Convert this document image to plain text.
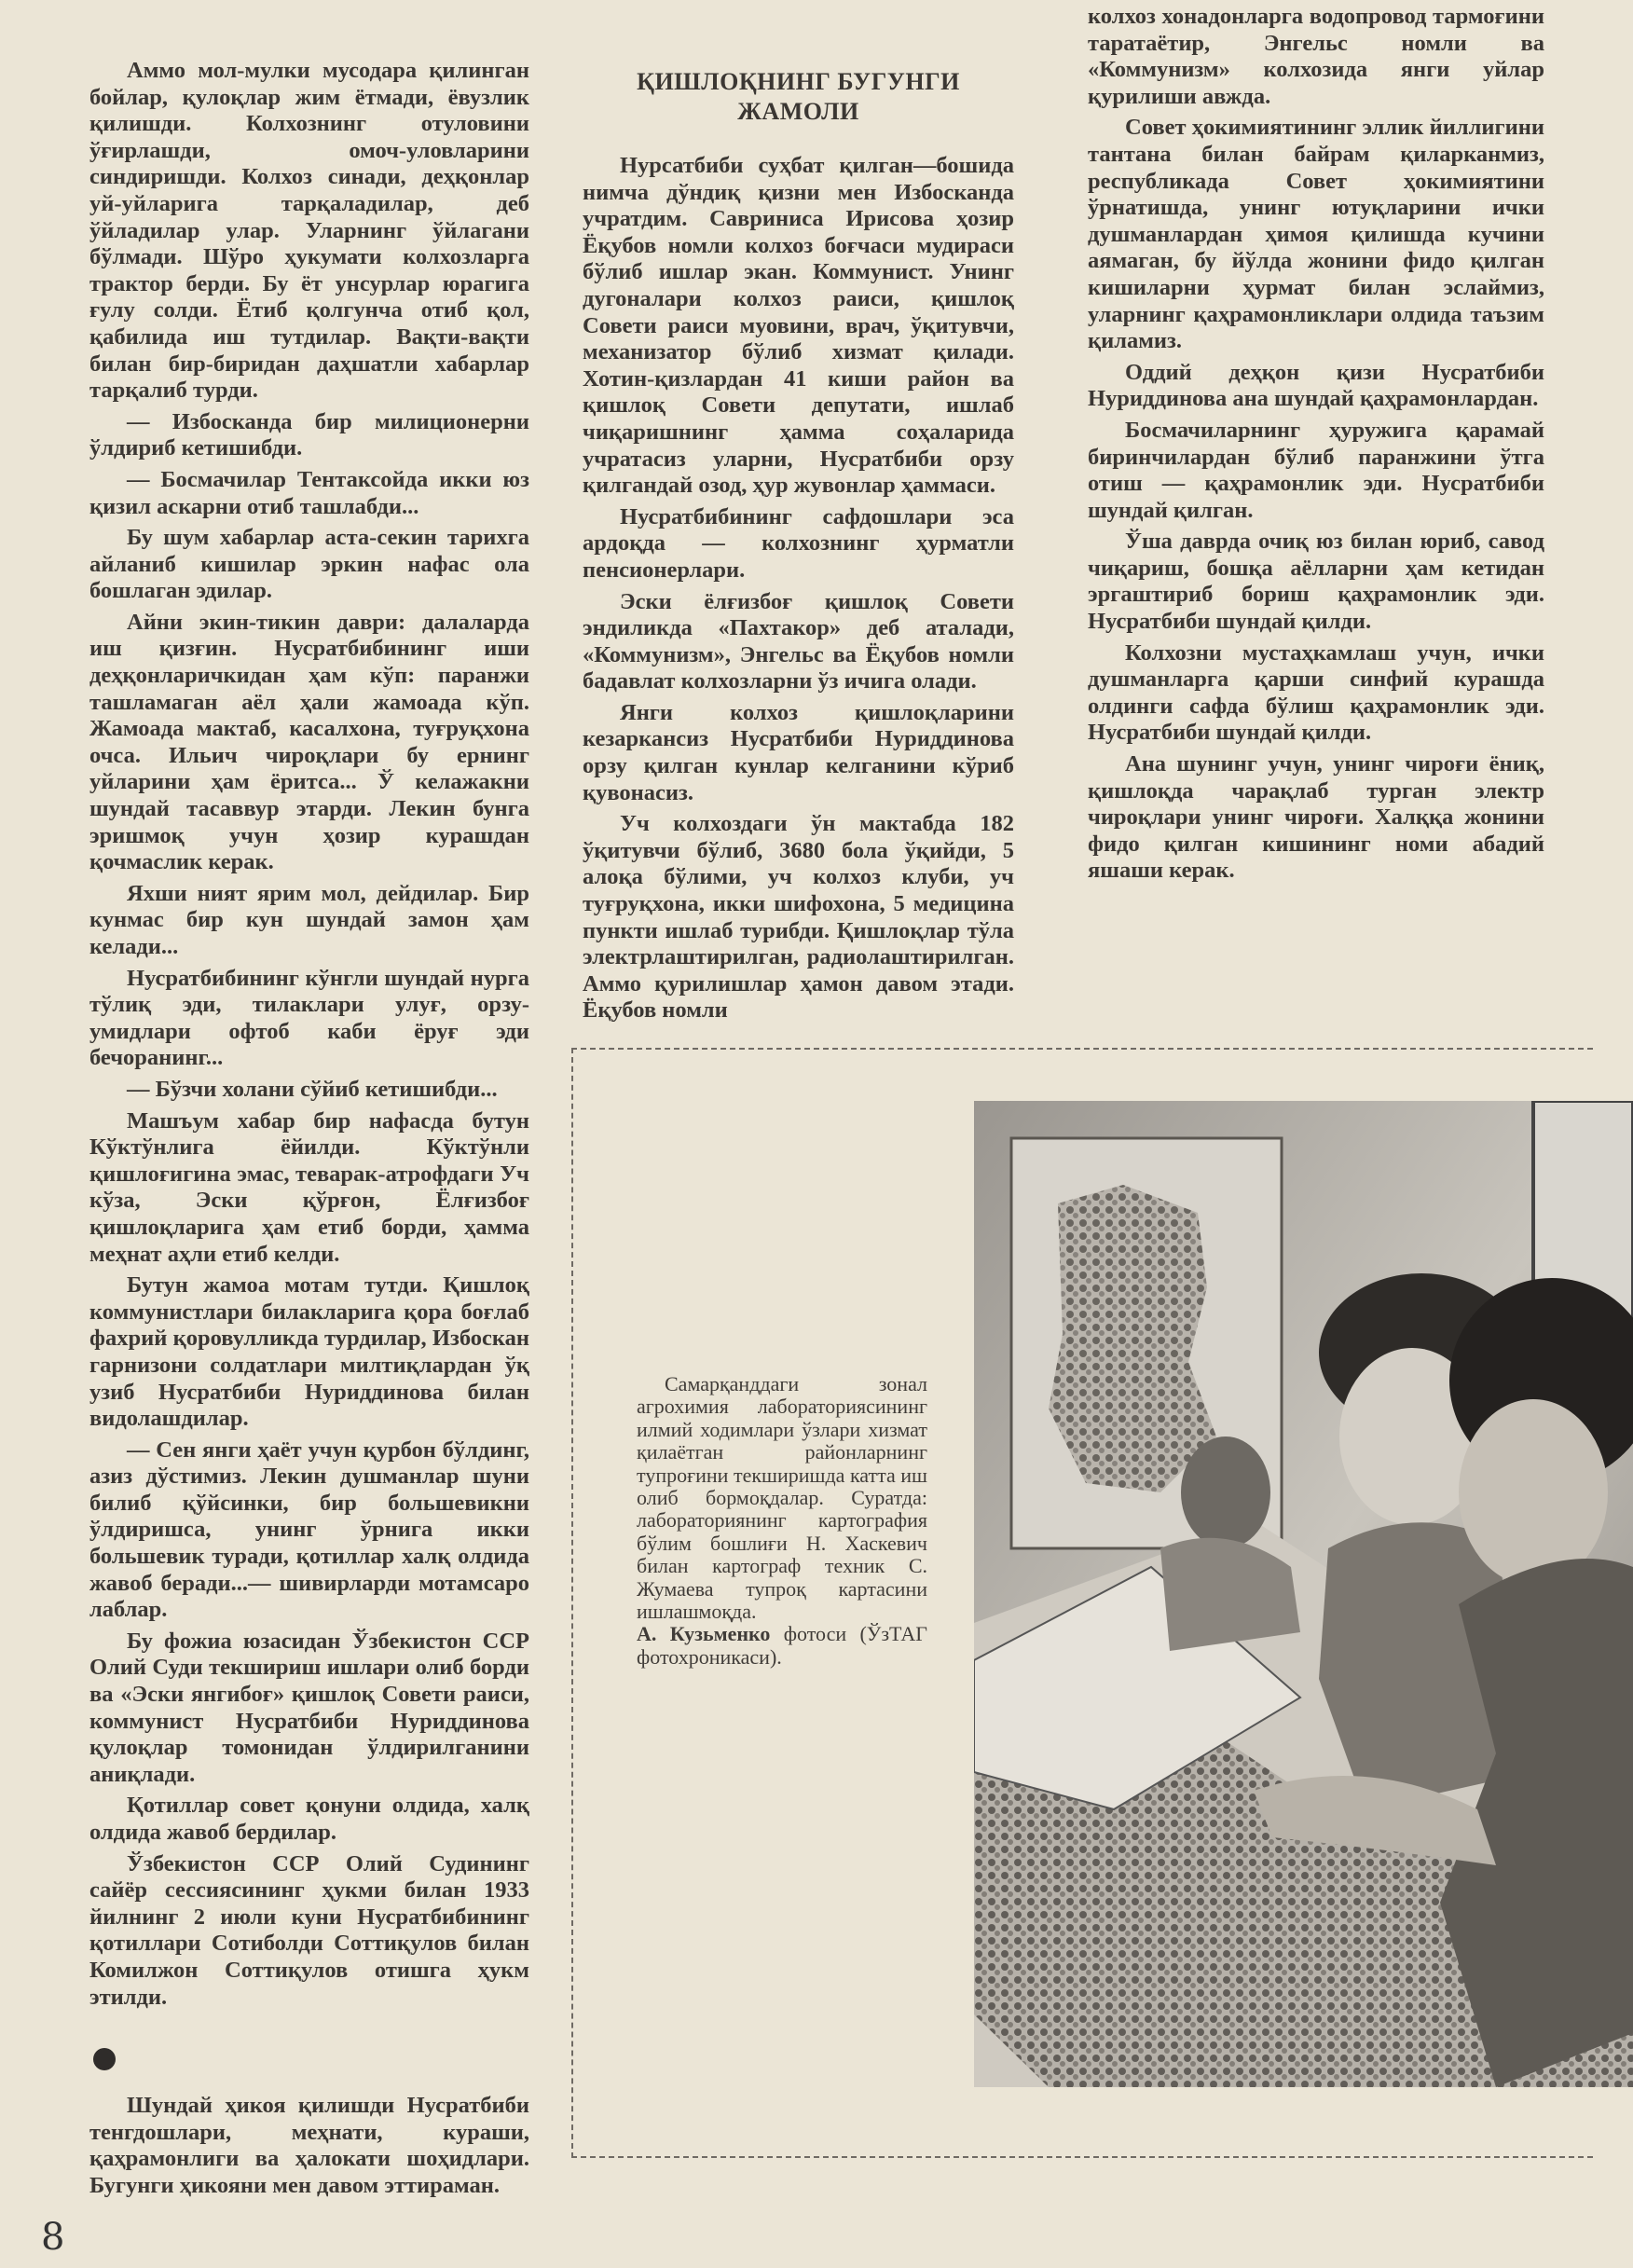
Аммо мол-мулки мусодара қилинган бойлар, қулоқлар жим ётмади, ёвузлик қилишди. Колхознинг отуловини ўғирлашди, омоч-уловларини синдиришди. Колхоз синади, деҳқонлар уй-уйларига тарқаладилар, деб ўйладилар улар. Уларнинг ўйлагани бўлмади. Шўро ҳукумати колхозларга трактор берди. Бу ёт унсурлар юрагига ғулу солди. Ётиб қолгунча отиб қол, қабилида иш тутдилар. Вақти-вақти билан бир-биридан даҳшатли хабарлар тарқалиб турди.

— Избосканда бир милиционерни ўлдириб кетишибди.

— Босмачилар Тентаксойда икки юз қизил аскарни отиб ташлабди...

Бу шум хабарлар аста-секин тарихга айланиб кишилар эркин нафас ола бошлаган эдилар.

Айни экин-тикин даври: далаларда иш қизғин. Нусратбибининг иши деҳқонларичкидан ҳам кўп: паранжи ташламаган аёл ҳали жамоада кўп. Жамоада мактаб, касалхона, туғруқхона очса. Ильич чироқлари бу ернинг уйларини ҳам ёритса... Ў келажакни шундай тасаввур этарди. Лекин бунга эришмоқ учун ҳозир курашдан қочмаслик керак.

Яхши ният ярим мол, дейдилар. Бир кунмас бир кун шундай замон ҳам келади...

Нусратбибининг кўнгли шундай нурга тўлиқ эди, тилаклари улуғ, орзу-умидлари офтоб каби ёруғ эди бечоранинг...

— Бўзчи холани сўйиб кетишибди...

Машъум хабар бир нафасда бутун Кўктўнлига ёйилди. Кўктўнли қишлоғигина эмас, теварак-атрофдаги Уч кўза, Эски қўрғон, Ёлғизбоғ қишлоқларига ҳам етиб борди, ҳамма меҳнат аҳли етиб келди.

Бутун жамоа мотам тутди. Қишлоқ коммунистлари билакларига қора боғлаб фахрий қоровулликда турдилар, Избоскан гарнизони солдатлари милтиқлардан ўқ узиб Нусратбиби Нуриддинова билан видолашдилар.

— Сен янги ҳаёт учун қурбон бўлдинг, азиз дўстимиз. Лекин душманлар шуни билиб қўйсинки, бир большевикни ўлдиришса, унинг ўрнига икки большевик туради, қотиллар халқ олдида жавоб беради...— шивирларди мотамсаро лаблар.

Бу фожиа юзасидан Ўзбекистон ССР Олий Суди текшириш ишлари олиб борди ва «Эски янгибоғ» қишлоқ Совети раиси, коммунист Нусратбиби Нуриддинова қулоқлар томонидан ўлдирилганини аниқлади.

Қотиллар совет қонуни олдида, халқ олдида жавоб бердилар.

Ўзбекистон ССР Олий Судининг сайёр сессиясининг ҳукми билан 1933 йилнинг 2 июли куни Нусратбибининг қотиллари Сотиболди Соттиқулов билан Комилжон Соттиқулов отишга ҳукм этилди.

Шундай ҳикоя қилишди Нусратбиби тенгдошлари, меҳнати, кураши, қаҳрамонлиги ва ҳалокати шоҳидлари. Бугунги ҳикояни мен давом эттираман.

ҚИШЛОҚНИНГ БУГУНГИ
ЖАМОЛИ

Нурсатбиби суҳбат қилган—бошида нимча дўндиқ қизни мен Избосканда учратдим. Савриниса Ирисова ҳозир Ёқубов номли колхоз боғчаси мудираси бўлиб ишлар экан. Коммунист. Унинг дугоналари колхоз раиси, қишлоқ Совети раиси муовини, врач, ўқитувчи, механизатор бўлиб хизмат қилади. Хотин-қизлардан 41 киши район ва қишлоқ Совети депутати, ишлаб чиқаришнинг ҳамма соҳаларида учратасиз уларни, Нусратбиби орзу қилгандай озод, ҳур жувонлар ҳаммаси.

Нусратбибининг сафдошлари эса ардоқда — колхознинг ҳурматли пенсионерлари.

Эски ёлғизбоғ қишлоқ Совети эндиликда «Пахтакор» деб аталади, «Коммунизм», Энгельс ва Ёқубов номли бадавлат колхозларни ўз ичига олади.

Янги колхоз қишлоқларини кезаркансиз Нусратбиби Нуриддинова орзу қилган кунлар келганини кўриб қувонасиз.

Уч колхоздаги ўн мактабда 182 ўқитувчи бўлиб, 3680 бола ўқийди, 5 алоқа бўлими, уч колхоз клуби, уч туғруқхона, икки шифохона, 5 медицина пункти ишлаб турибди. Қишлоқлар тўла электрлаштирилган, радиолаштирилган. Аммо қурилишлар ҳамон давом этади. Ёқубов номли

колхоз хонадонларга водопровод тармоғини таратаётир, Энгельс номли ва «Коммунизм» колхозида янги уйлар қурилиши авжда.

Совет ҳокимиятининг эллик йиллигини тантана билан байрам қиларканмиз, республикада Совет ҳокимиятини ўрнатишда, унинг ютуқларини ички душманлардан ҳимоя қилишда кучини аямаган, бу йўлда жонини фидо қилган кишиларни ҳурмат билан эслаймиз, уларнинг қаҳрамонликлари олдида таъзим қиламиз.

Оддий деҳқон қизи Нусратбиби Нуриддинова ана шундай қаҳрамонлардан.

Босмачиларнинг ҳуружига қарамай биринчилардан бўлиб паранжини ўтга отиш — қаҳрамонлик эди. Нусратбиби шундай қилган.

Ўша даврда очиқ юз билан юриб, савод чиқариш, бошқа аёлларни ҳам кетидан эргаштириб бориш қаҳрамонлик эди. Нусратбиби шундай қилди.

Колхозни мустаҳкамлаш учун, ички душманларга қарши синфий курашда олдинги сафда бўлиш қаҳрамонлик эди. Нусратбиби шундай қилди.

Ана шунинг учун, унинг чироғи ёниқ, қишлоқда чарақлаб турган электр чироқлари унинг чироғи. Халққа жонини фидо қилган кишининг номи абадий яшаши керак.

Самарқанддаги зонал агрохимия лабораториясининг илмий ходимлари ўзлари хизмат қилаётган районларнинг тупроғини текширишда катта иш олиб бормоқдалар. Суратда: лабораториянинг картография бўлим бошлиғи Н. Хаскевич билан картограф техник С. Жумаева тупроқ картасини ишлашмоқда.

А. Кузьменко фотоси (ЎзТАГ фотохроникаси).

8
